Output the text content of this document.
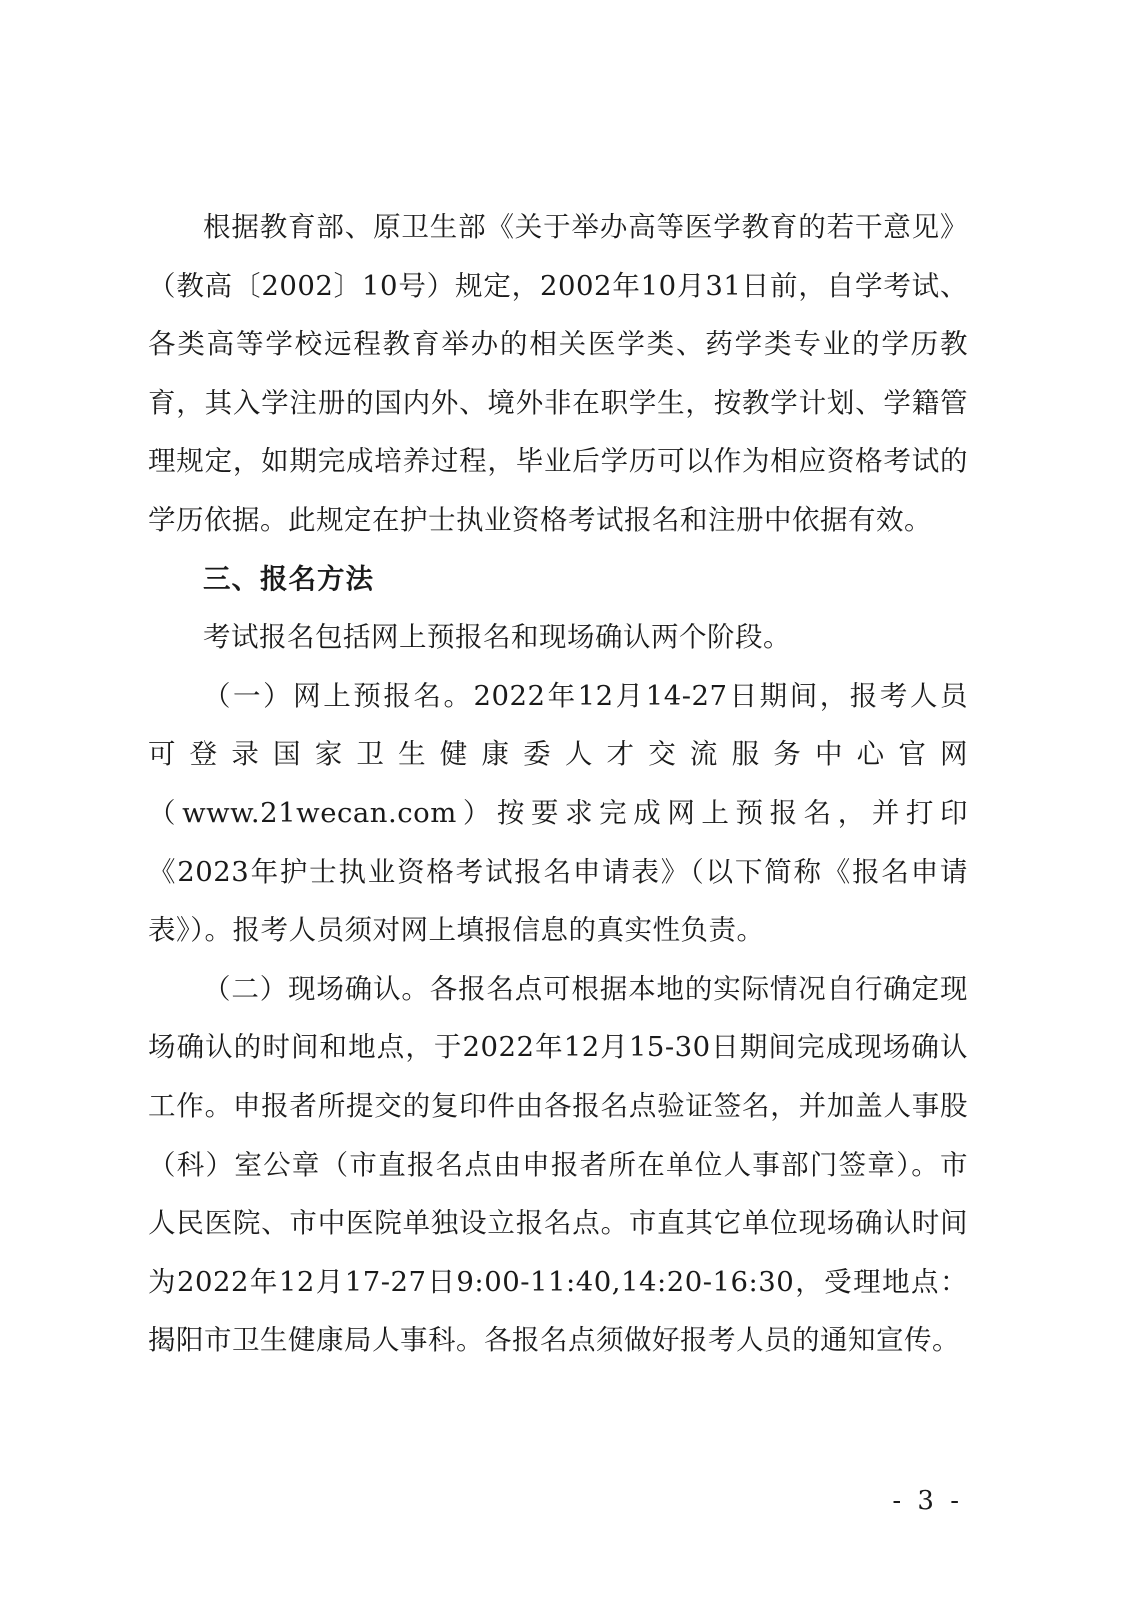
根据教育部、原卫生部《关于举办高等医学教育的若干意见》（教高〔2002〕10号）规定，2002年10月31日前，自学考试、各类高等学校远程教育举办的相关医学类、药学类专业的学历教育，其入学注册的国内外、境外非在职学生，按教学计划、学籍管理规定，如期完成培养过程，毕业后学历可以作为相应资格考试的学历依据。此规定在护士执业资格考试报名和注册中依据有效。

三、报名方法

考试报名包括网上预报名和现场确认两个阶段。

（一）网上预报名。2022年12月14-27日期间，报考人员

可登录国家卫生健康委人才交流服务中心官网

（www.21wecan.com）按要求完成网上预报名，并打印《2023年护士执业资格考试报名申请表》（以下简称《报名申请表》）。报考人员须对网上填报信息的真实性负责。

（二）现场确认。各报名点可根据本地的实际情况自行确定现场确认的时间和地点，于2022年12月15-30日期间完成现场确认工作。申报者所提交的复印件由各报名点验证签名，并加盖人事股（科）室公章（市直报名点由申报者所在单位人事部门签章）。市人民医院、市中医院单独设立报名点。市直其它单位现场确认时间为2022年12月17-27日9:00-11:40,14:20-16:30，受理地点：揭阳市卫生健康局人事科。各报名点须做好报考人员的通知宣传。

- 3 -
